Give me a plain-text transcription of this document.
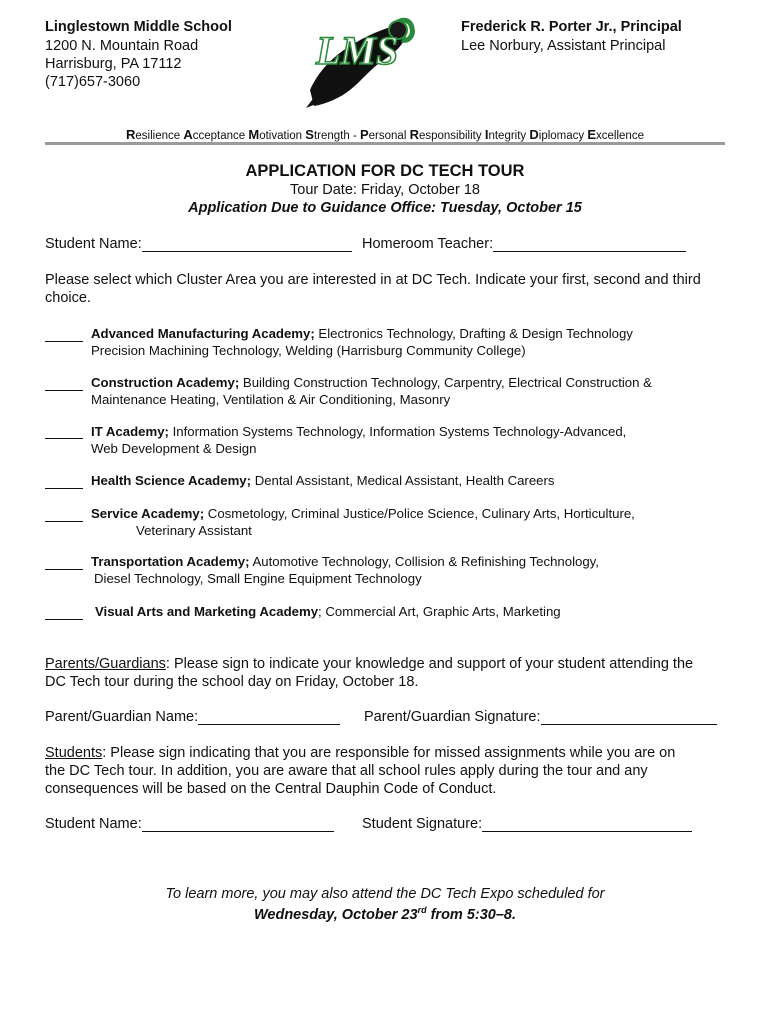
Linglestown Middle School
1200 N. Mountain Road
Harrisburg, PA 17112
(717)657-3060
LMS
Frederick R. Porter Jr., Principal
Lee Norbury, Assistant Principal
Resilience Acceptance Motivation Strength - Personal Responsibility Integrity Diplomacy Excellence
APPLICATION FOR DC TECH TOUR
Tour Date: Friday, October 18
Application Due to Guidance Office: Tuesday, October 15
Student Name:	Homeroom Teacher:
Please select which Cluster Area you are interested in at DC Tech. Indicate your first, second and third choice.
Advanced Manufacturing Academy; Electronics Technology, Drafting & Design Technology
Precision Machining Technology, Welding (Harrisburg Community College)
Construction Academy; Building Construction Technology, Carpentry, Electrical Construction &
Maintenance Heating, Ventilation & Air Conditioning, Masonry
IT Academy; Information Systems Technology, Information Systems Technology-Advanced,
Web Development & Design
Health Science Academy; Dental Assistant, Medical Assistant, Health Careers
Service Academy; Cosmetology, Criminal Justice/Police Science, Culinary Arts, Horticulture,
Veterinary Assistant
Transportation Academy; Automotive Technology, Collision & Refinishing Technology,
Diesel Technology, Small Engine Equipment Technology
Visual Arts and Marketing Academy; Commercial Art, Graphic Arts, Marketing
Parents/Guardians: Please sign to indicate your knowledge and support of your student attending the
DC Tech tour during the school day on Friday, October 18.
Parent/Guardian Name:	Parent/Guardian Signature:
Students: Please sign indicating that you are responsible for missed assignments while you are on
the DC Tech tour. In addition, you are aware that all school rules apply during the tour and any
consequences will be based on the Central Dauphin Code of Conduct.
Student Name:	Student Signature:
To learn more, you may also attend the DC Tech Expo scheduled for
Wednesday, October 23rd from 5:30–8.
